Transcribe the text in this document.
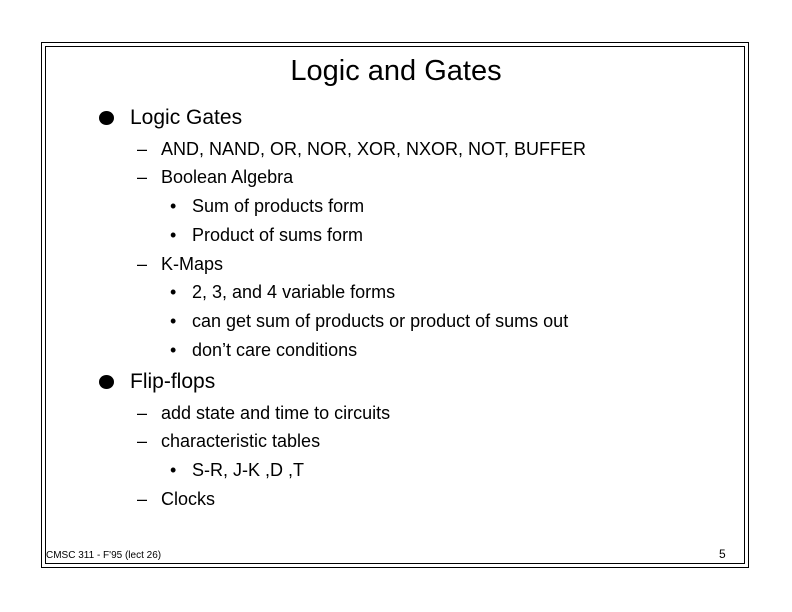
Logic and Gates
Logic Gates
– AND, NAND, OR, NOR, XOR, NXOR, NOT, BUFFER
– Boolean Algebra
• Sum of products form
• Product of sums form
– K-Maps
• 2, 3, and 4 variable forms
• can get sum of products or product of sums out
• don’t care conditions
Flip-flops
– add state and time to circuits
– characteristic tables
• S-R, J-K ,D ,T
– Clocks
CMSC 311 - F'95 (lect 26)	5
